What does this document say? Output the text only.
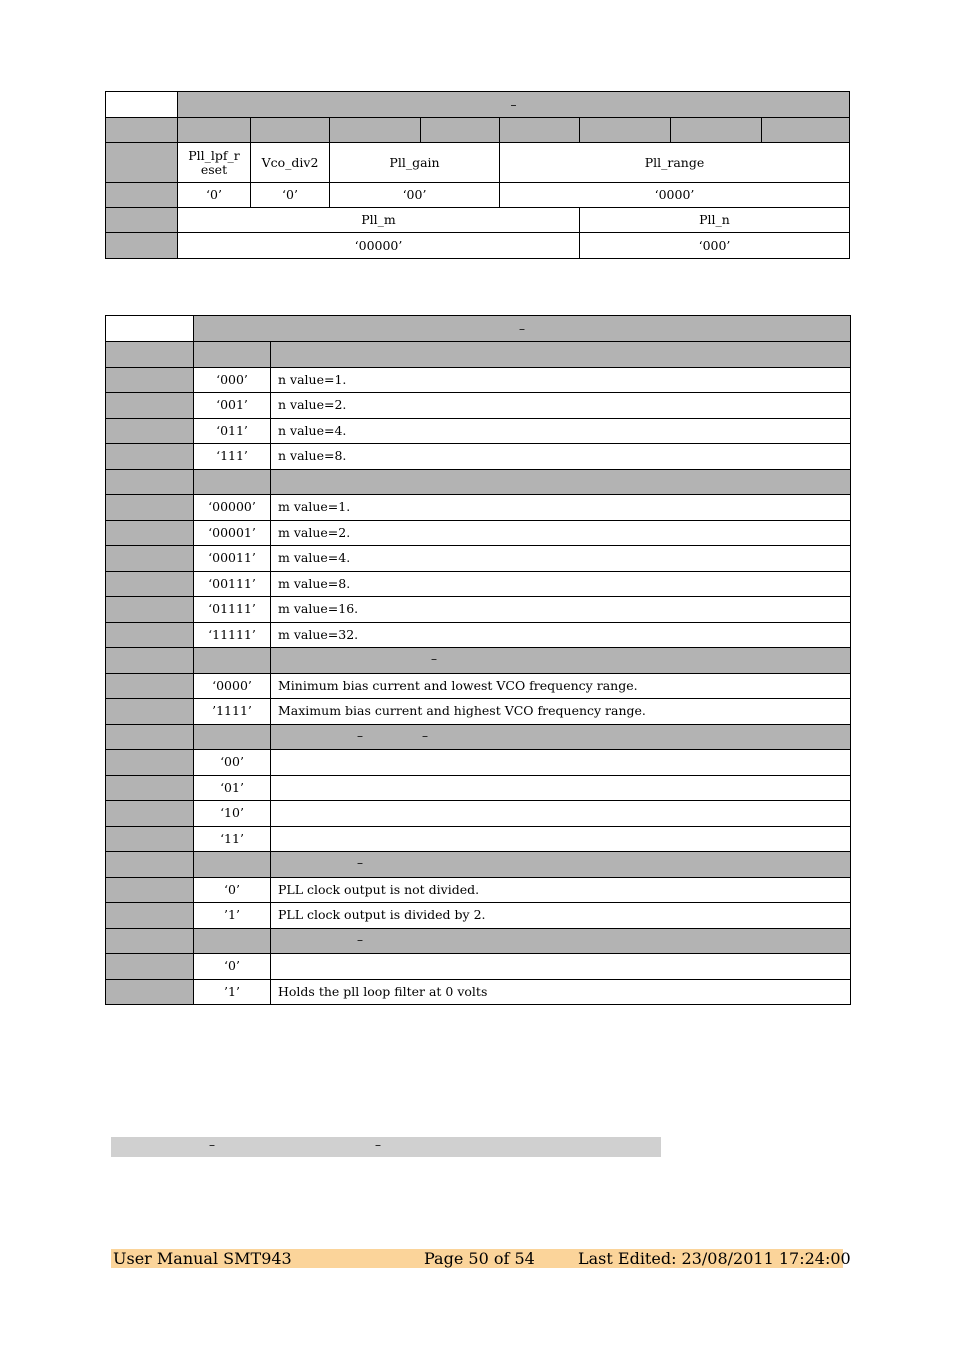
	–							

	Pll_lpf_r eset	Vco_div2	Pll_gain		Pll_range			
	‘0’	‘0’	‘00’		‘0000’			
	Pll_m					Pll_n		
	‘00000’					‘000’		
	–	

	‘000’	n value=1.
	‘001’	n value=2.
	‘011’	n value=4.
	‘111’	n value=8.

	‘00000’	m value=1.
	‘00001’	m value=2.
	‘00011’	m value=4.
	‘00111’	m value=8.
	‘01111’	m value=16.
	‘11111’	m value=32.

		–

	‘0000’	Minimum bias current and lowest VCO frequency range.
	’1111’	Maximum bias current and highest VCO frequency range.

		– –

	‘00’	
	‘01’	
	‘10’	
	‘11’	

		–

	‘0’	PLL clock output is not divided.
	’1’	PLL clock output is divided by 2.

		–

	‘0’	
	’1’	Holds the pll loop filter at 0 volts
–	–
User Manual SMT943	Page 50 of 54	Last Edited: 23/08/2011 17:24:00
